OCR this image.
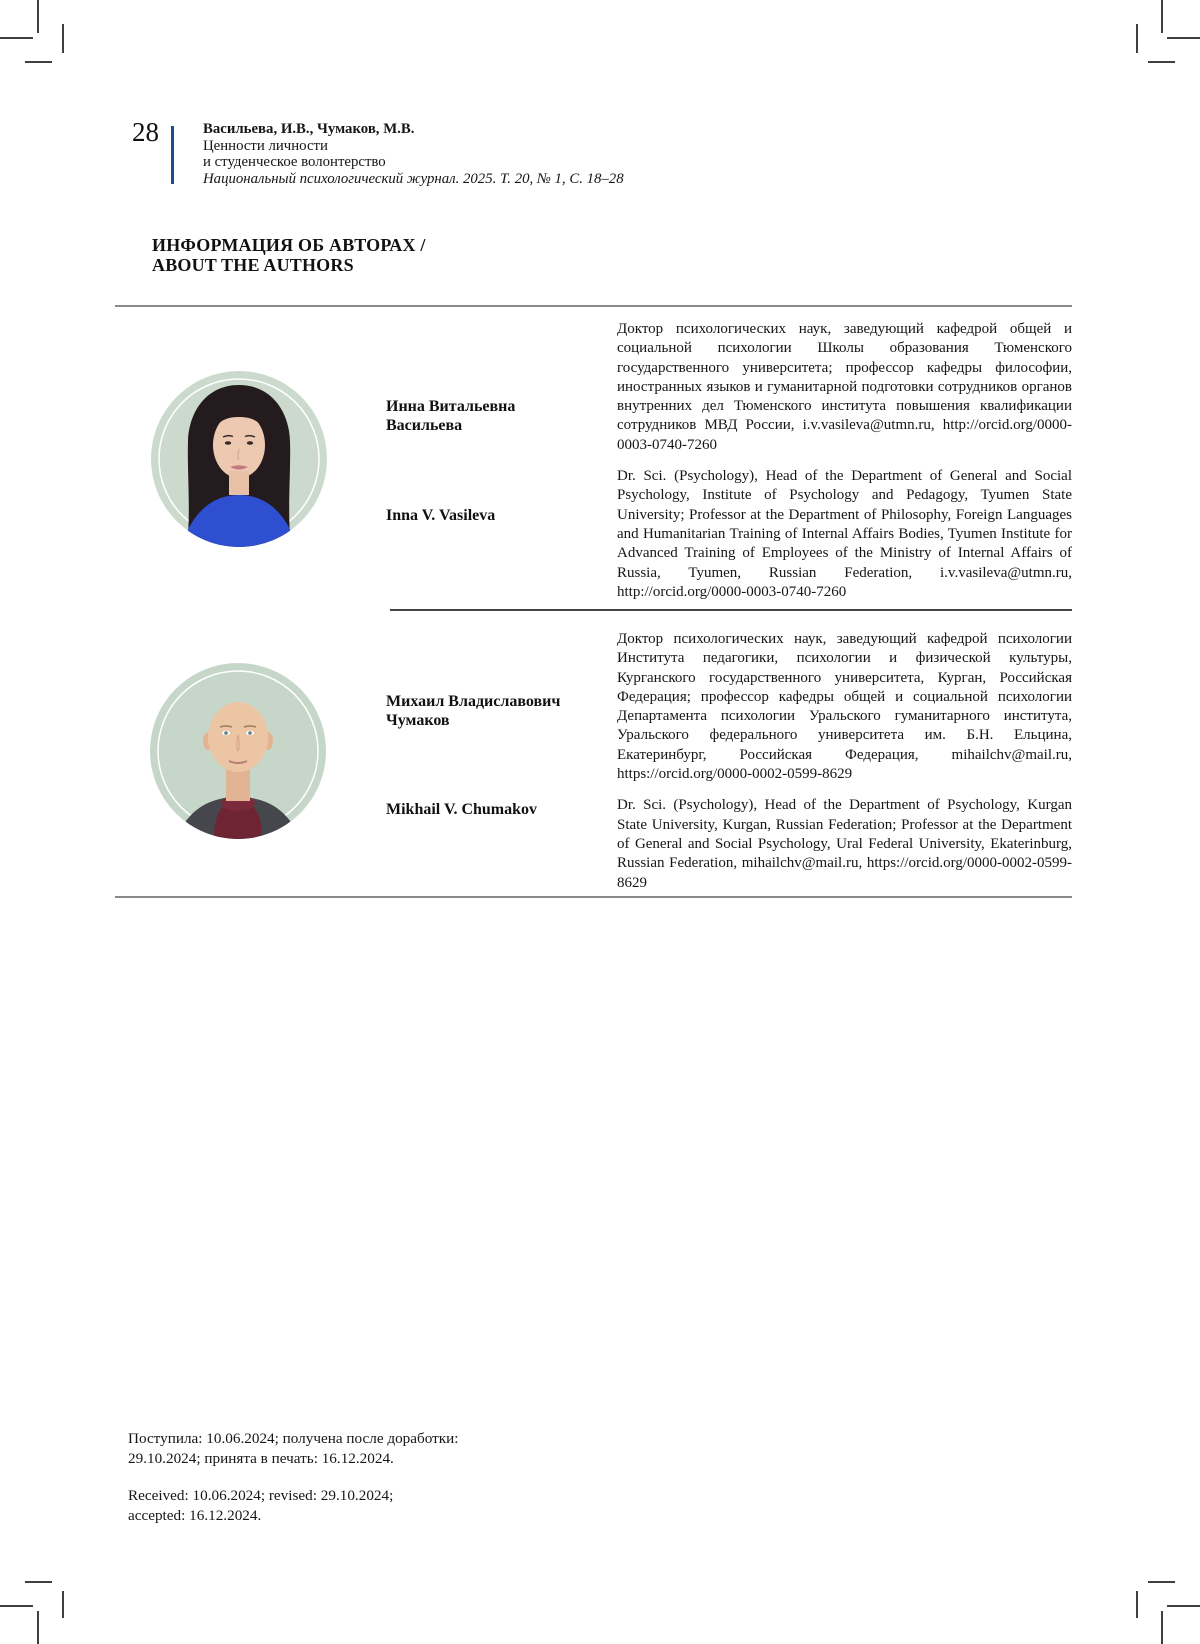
28	Васильева, И.В., Чумаков, М.В.
Ценности личности
и студенческое волонтерство
Национальный психологический журнал. 2025. Т. 20, № 1, С. 18–28
ИНФОРМАЦИЯ ОБ АВТОРАХ /
ABOUT THE AUTHORS
Инна Витальевна
Васильева
Inna V. Vasileva

Доктор психологических наук, заведующий кафедрой общей и социальной психологии Школы образования Тюменского государственного университета; профессор кафедры философии, иностранных языков и гуманитарной подготовки сотрудников органов внутренних дел Тюменского института повышения квалификации сотрудников МВД России, i.v.vasileva@utmn.ru, http://orcid.org/0000-0003-0740-7260

Dr. Sci. (Psychology), Head of the Department of General and Social Psychology, Institute of Psychology and Pedagogy, Tyumen State University; Professor at the Department of Philosophy, Foreign Languages and Humanitarian Training of Internal Affairs Bodies, Tyumen Institute for Advanced Training of Employees of the Ministry of Internal Affairs of Russia, Tyumen, Russian Federation, i.v.vasileva@utmn.ru, http://orcid.org/0000-0003-0740-7260

Михаил Владиславович
Чумаков
Mikhail V. Chumakov

Доктор психологических наук, заведующий кафедрой психологии Института педагогики, психологии и физической культуры, Курганского государственного университета, Курган, Российская Федерация; профессор кафедры общей и социальной психологии Департамента психологии Уральского гуманитарного института, Уральского федерального университета им. Б.Н. Ельцина, Екатеринбург, Российская Федерация, mihailchv@mail.ru, https://orcid.org/0000-0002-0599-8629

Dr. Sci. (Psychology), Head of the Department of Psychology, Kurgan State University, Kurgan, Russian Federation; Professor at the Department of General and Social Psychology, Ural Federal University, Ekaterinburg, Russian Federation, mihailchv@mail.ru, https://orcid.org/0000-0002-0599-8629

Поступила: 10.06.2024; получена после доработки:
29.10.2024; принята в печать: 16.12.2024.
Received: 10.06.2024; revised: 29.10.2024;
accepted: 16.12.2024.
